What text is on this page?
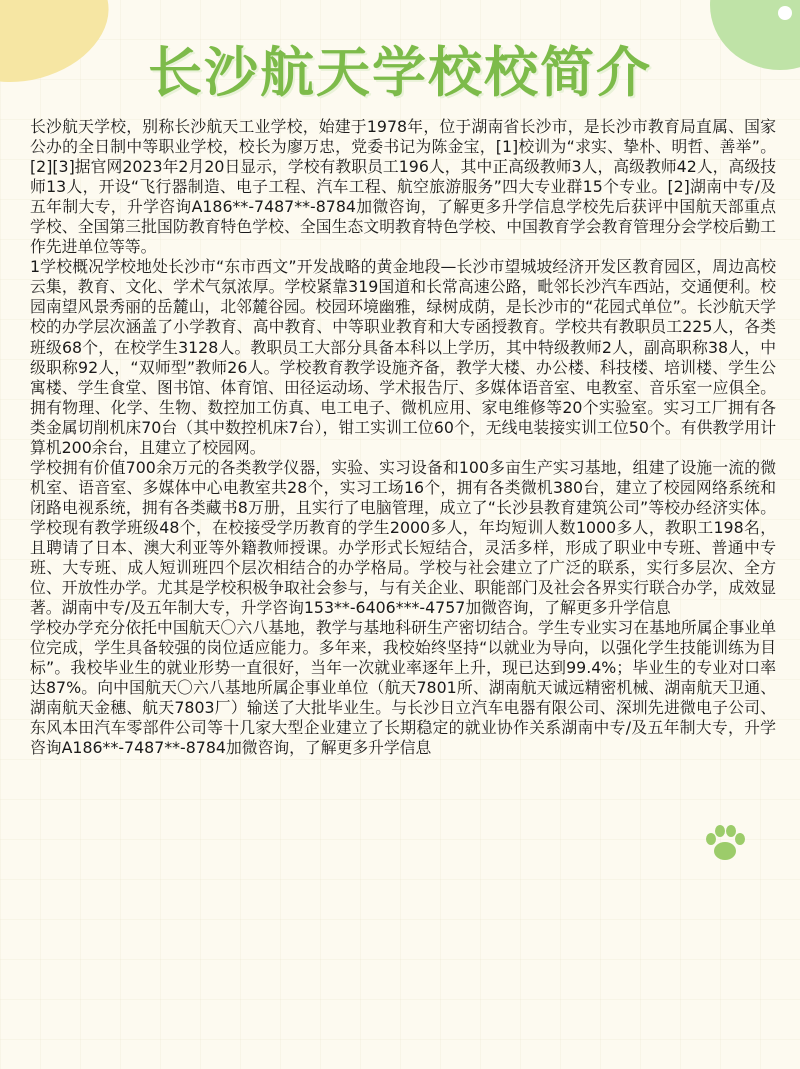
长沙航天学校校简介

长沙航天学校，别称长沙航天工业学校，始建于1978年，位于湖南省长沙市，是长沙市教育局直属、国家公办的全日制中等职业学校，校长为廖万忠，党委书记为陈金宝，[1]校训为“求实、挚朴、明哲、善举”。[2][3]据官网2023年2月20日显示，学校有教职员工196人，其中正高级教师3人，高级教师42人，高级技师13人，开设“飞行器制造、电子工程、汽车工程、航空旅游服务”四大专业群15个专业。[2]湖南中专/及五年制大专，升学咨询A186**-7487**-8784加微咨询，了解更多升学信息学校先后获评中国航天部重点学校、全国第三批国防教育特色学校、全国生态文明教育特色学校、中国教育学会教育管理分会学校后勤工作先进单位等等。

1学校概况学校地处长沙市“东市西文”开发战略的黄金地段—长沙市望城坡经济开发区教育园区，周边高校云集，教育、文化、学术气氛浓厚。学校紧靠319国道和长常高速公路，毗邻长沙汽车西站，交通便利。校园南望风景秀丽的岳麓山，北邻麓谷园。校园环境幽雅，绿树成荫，是长沙市的“花园式单位”。长沙航天学校的办学层次涵盖了小学教育、高中教育、中等职业教育和大专函授教育。学校共有教职员工225人，各类班级68个，在校学生3128人。教职员工大部分具备本科以上学历，其中特级教师2人，副高职称38人，中级职称92人，“双师型”教师26人。学校教育教学设施齐备，教学大楼、办公楼、科技楼、培训楼、学生公寓楼、学生食堂、图书馆、体育馆、田径运动场、学术报告厅、多媒体语音室、电教室、音乐室一应俱全。拥有物理、化学、生物、数控加工仿真、电工电子、微机应用、家电维修等20个实验室。实习工厂拥有各类金属切削机床70台（其中数控机床7台），钳工实训工位60个，无线电装接实训工位50个。有供教学用计算机200余台，且建立了校园网。

学校拥有价值700余万元的各类教学仪器，实验、实习设备和100多亩生产实习基地，组建了设施一流的微机室、语音室、多媒体中心电教室共28个，实习工场16个，拥有各类微机380台，建立了校园网络系统和闭路电视系统，拥有各类藏书8万册，且实行了电脑管理，成立了“长沙县教育建筑公司”等校办经济实体。学校现有教学班级48个，在校接受学历教育的学生2000多人，年均短训人数1000多人，教职工198名，且聘请了日本、澳大利亚等外籍教师授课。办学形式长短结合，灵活多样，形成了职业中专班、普通中专班、大专班、成人短训班四个层次相结合的办学格局。学校与社会建立了广泛的联系，实行多层次、全方位、开放性办学。尤其是学校积极争取社会参与，与有关企业、职能部门及社会各界实行联合办学，成效显著。湖南中专/及五年制大专，升学咨询153**-6406***-4757加微咨询，了解更多升学信息

学校办学充分依托中国航天〇六八基地，教学与基地科研生产密切结合。学生专业实习在基地所属企事业单位完成，学生具备较强的岗位适应能力。多年来，我校始终坚持“以就业为导向，以强化学生技能训练为目标”。我校毕业生的就业形势一直很好，当年一次就业率逐年上升，现已达到99.4%；毕业生的专业对口率达87%。向中国航天〇六八基地所属企事业单位（航天7801所、湖南航天诚远精密机械、湖南航天卫通、湖南航天金穗、航天7803厂）输送了大批毕业生。与长沙日立汽车电器有限公司、深圳先进微电子公司、东风本田汽车零部件公司等十几家大型企业建立了长期稳定的就业协作关系湖南中专/及五年制大专，升学咨询A186**-7487**-8784加微咨询，了解更多升学信息
